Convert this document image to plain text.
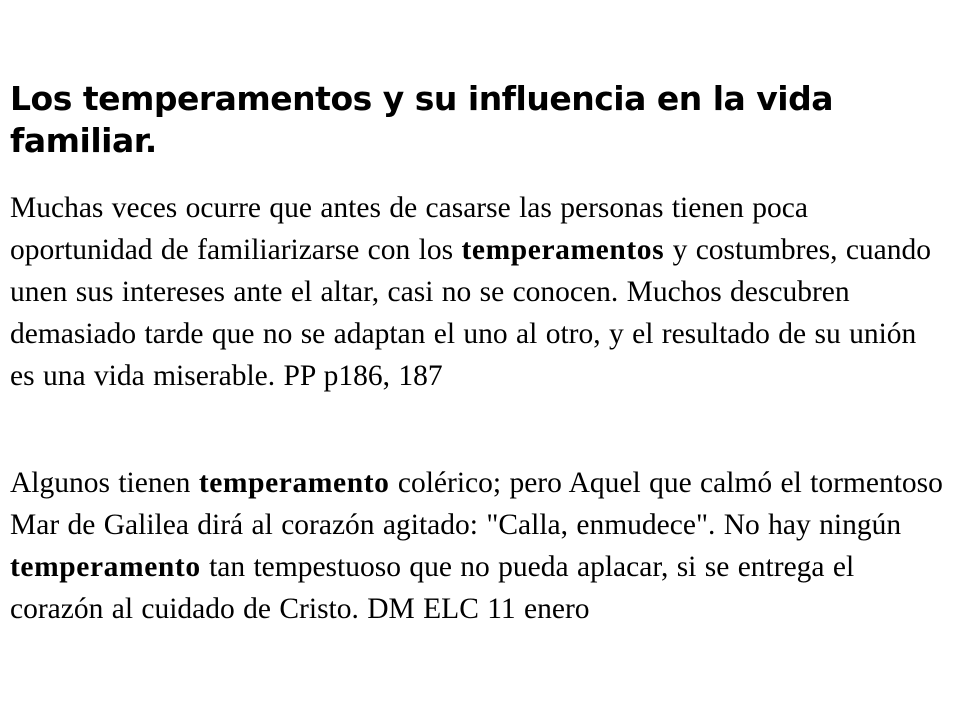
Los temperamentos y su influencia en la vida familiar.

Muchas veces ocurre que antes de casarse las personas tienen poca oportunidad de familiarizarse con los temperamentos y costumbres, cuando unen sus intereses ante el altar, casi no se conocen. Muchos descubren demasiado tarde que no se adaptan el uno al otro, y el resultado de su unión es una vida miserable. PP p186, 187

Algunos tienen temperamento colérico; pero Aquel que calmó el tormentoso Mar de Galilea dirá al corazón agitado: "Calla, enmudece". No hay ningún temperamento tan tempestuoso que no pueda aplacar, si se entrega el corazón al cuidado de Cristo. DM ELC 11 enero
